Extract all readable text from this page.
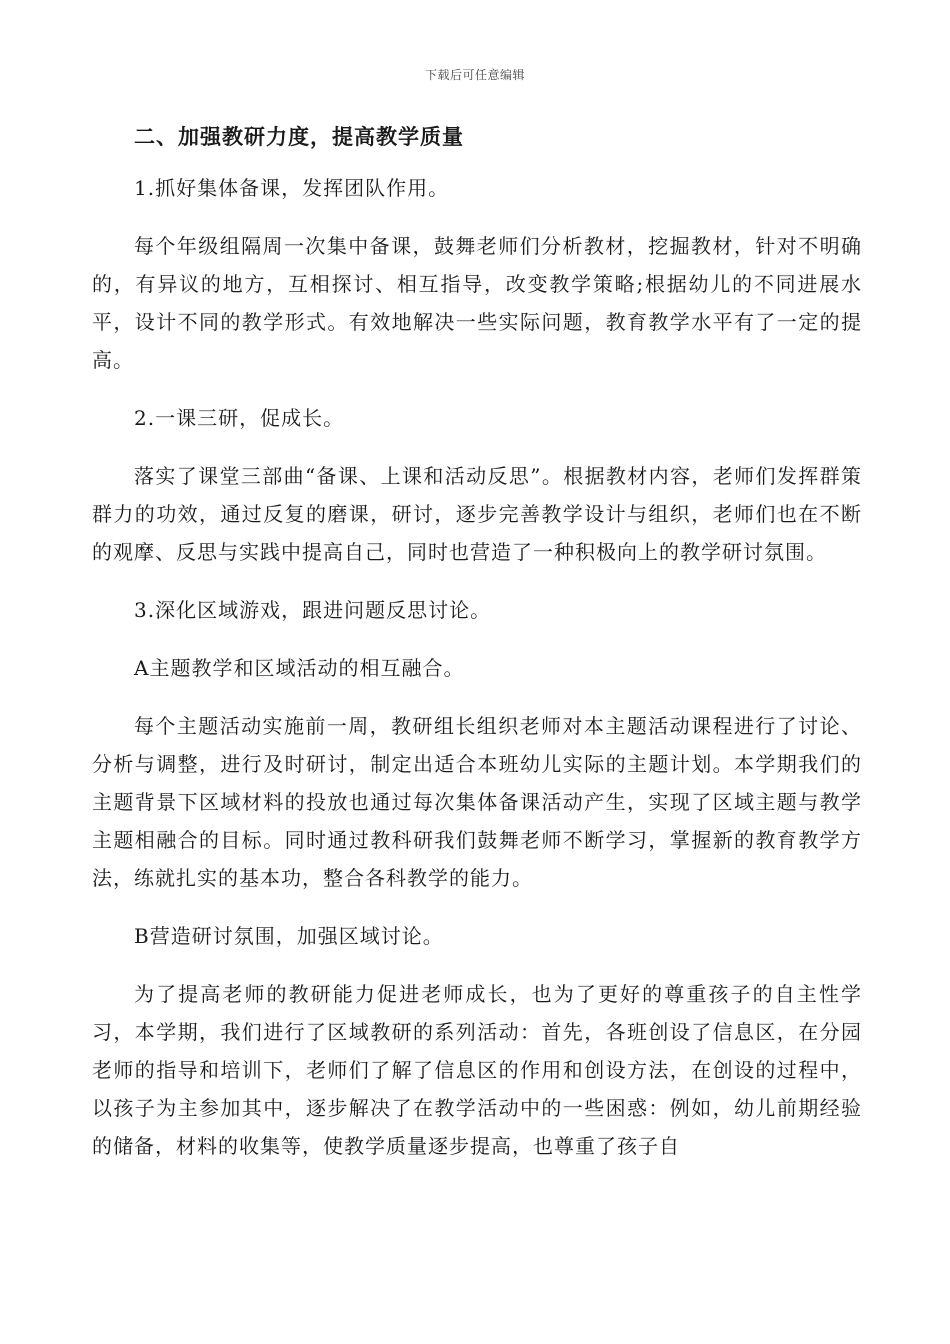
下载后可任意编辑
二、加强教研力度，提高教学质量
1.抓好集体备课，发挥团队作用。
每个年级组隔周一次集中备课，鼓舞老师们分析教材，挖掘教材，针对不明确的，有异议的地方，互相探讨、相互指导，改变教学策略;根据幼儿的不同进展水平，设计不同的教学形式。有效地解决一些实际问题，教育教学水平有了一定的提高。
2.一课三研，促成长。
落实了课堂三部曲“备课、上课和活动反思”。根据教材内容，老师们发挥群策群力的功效，通过反复的磨课，研讨，逐步完善教学设计与组织，老师们也在不断的观摩、反思与实践中提高自己，同时也营造了一种积极向上的教学研讨氛围。
3.深化区域游戏，跟进问题反思讨论。
A主题教学和区域活动的相互融合。
每个主题活动实施前一周，教研组长组织老师对本主题活动课程进行了讨论、分析与调整，进行及时研讨，制定出适合本班幼儿实际的主题计划。本学期我们的主题背景下区域材料的投放也通过每次集体备课活动产生，实现了区域主题与教学主题相融合的目标。同时通过教科研我们鼓舞老师不断学习，掌握新的教育教学方法，练就扎实的基本功，整合各科教学的能力。
B营造研讨氛围，加强区域讨论。
为了提高老师的教研能力促进老师成长，也为了更好的尊重孩子的自主性学习，本学期，我们进行了区域教研的系列活动：首先，各班创设了信息区，在分园老师的指导和培训下，老师们了解了信息区的作用和创设方法，在创设的过程中，以孩子为主参加其中，逐步解决了在教学活动中的一些困惑：例如，幼儿前期经验的储备，材料的收集等，使教学质量逐步提高，也尊重了孩子自
